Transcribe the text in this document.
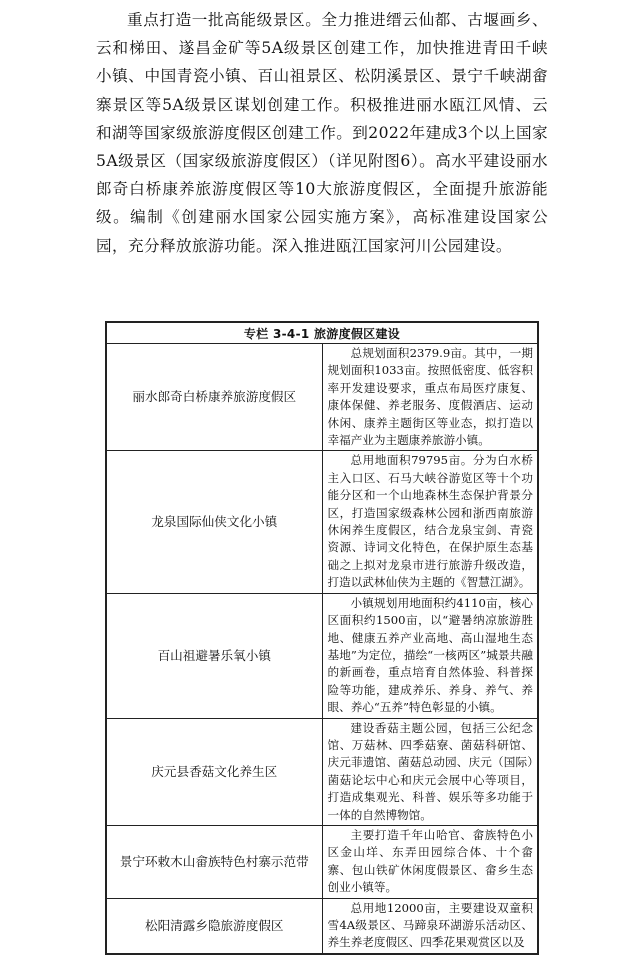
重点打造一批高能级景区。全力推进缙云仙都、古堰画乡、云和梯田、遂昌金矿等5A级景区创建工作，加快推进青田千峡小镇、中国青瓷小镇、百山祖景区、松阴溪景区、景宁千峡湖畲寨景区等5A级景区谋划创建工作。积极推进丽水瓯江风情、云和湖等国家级旅游度假区创建工作。到2022年建成3个以上国家5A级景区（国家级旅游度假区）（详见附图6）。高水平建设丽水郎奇白桥康养旅游度假区等10大旅游度假区，全面提升旅游能级。编制《创建丽水国家公园实施方案》，高标准建设国家公园，充分释放旅游功能。深入推进瓯江国家河川公园建设。

专栏 3-4-1 旅游度假区建设	
丽水郎奇白桥康养旅游度假区	总规划面积2379.9亩。其中，一期规划面积1033亩。按照低密度、低容积率开发建设要求，重点布局医疗康复、康体保健、养老服务、度假酒店、运动休闲、康养主题街区等业态，拟打造以幸福产业为主题康养旅游小镇。
龙泉国际仙侠文化小镇	总用地面积79795亩。分为白水桥主入口区、石马大峡谷游览区等十个功能分区和一个山地森林生态保护背景分区，打造国家级森林公园和浙西南旅游休闲养生度假区，结合龙泉宝剑、青瓷资源、诗词文化特色，在保护原生态基础之上拟对龙泉市进行旅游升级改造，打造以武林仙侠为主题的《智慧江湖》。
百山祖避暑乐氧小镇	小镇规划用地面积约4110亩，核心区面积约1500亩，以“避暑纳凉旅游胜地、健康五养产业高地、高山湿地生态基地”为定位，描绘“一核两区”城景共融的新画卷，重点培育自然体验、科普探险等功能，建成养乐、养身、养气、养眼、养心“五养”特色彰显的小镇。
庆元县香菇文化养生区	建设香菇主题公园，包括三公纪念馆、万菇林、四季菇寮、菌菇科研馆、庆元菲遗馆、菌菇总动园、庆元（国际）菌菇论坛中心和庆元会展中心等项目，打造成集观光、科普、娱乐等多功能于一体的自然博物馆。
景宁环敕木山畲族特色村寨示范带	主要打造千年山哈官、畲族特色小区金山垟、东弄田园综合体、十个畲寨、包山铁矿休闲度假景区、畲乡生态创业小镇等。
松阳清露乡隐旅游度假区	总用地12000亩，主要建设双童积雪4A级景区、马蹄泉环湖游乐活动区、养生养老度假区、四季花果观赏区以及
